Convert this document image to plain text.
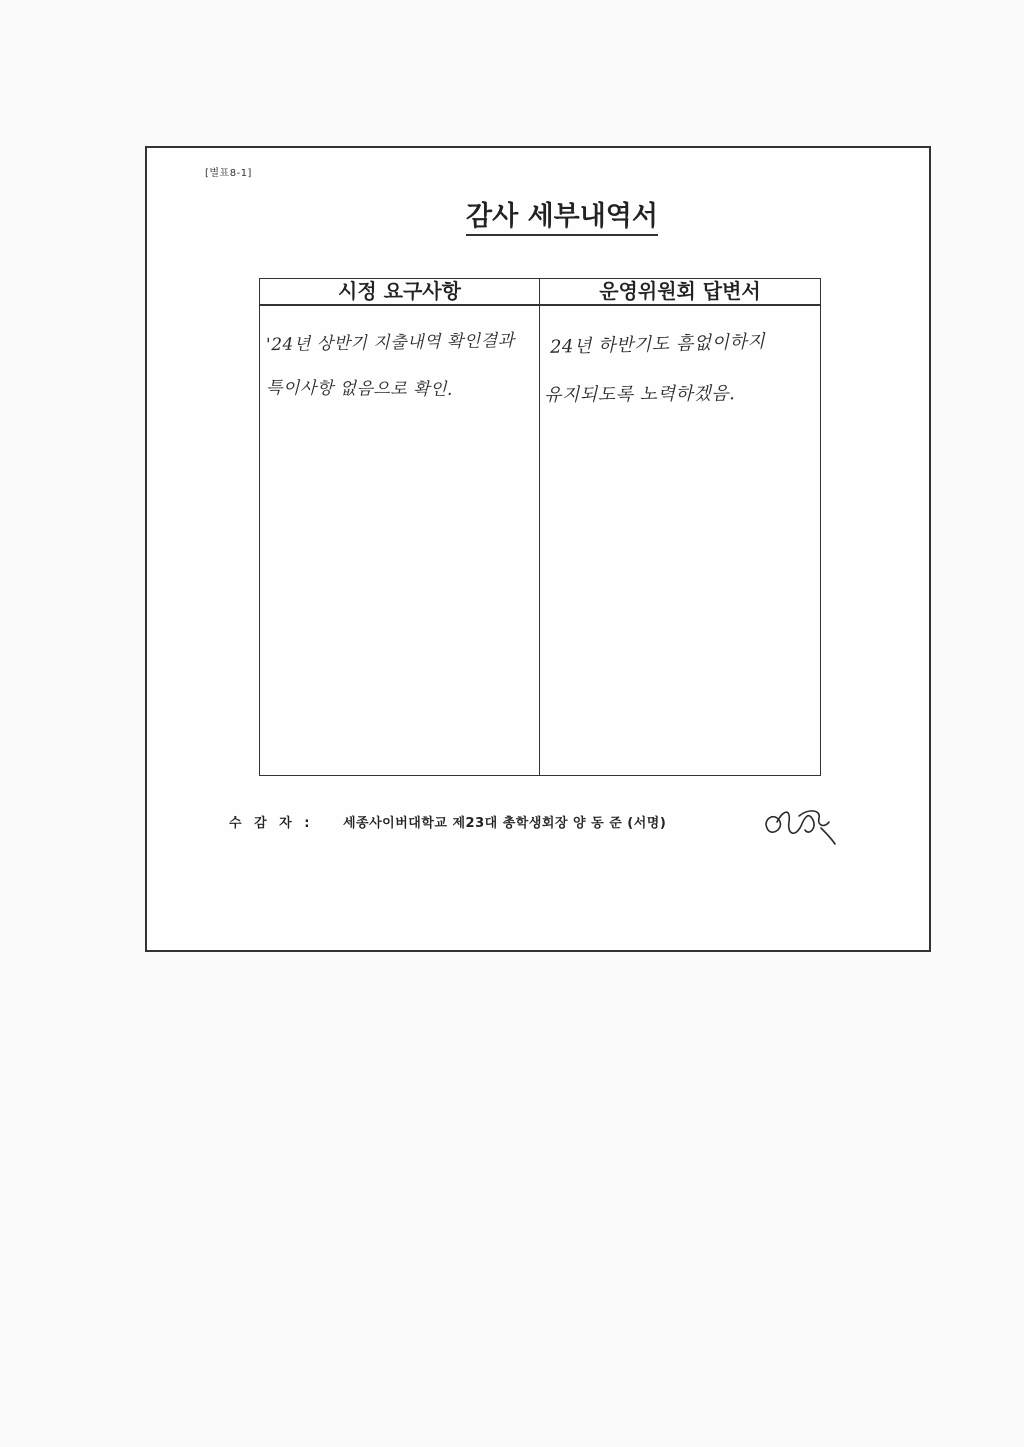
[별표8-1]
감사 세부내역서
시정 요구사항	운영위원회 답변서
'24년 상반기 지출내역 확인결과
특이사항 없음으로 확인.
24년 하반기도 흠없이하지
유지되도록 노력하겠음.
수 감 자 : 세종사이버대학교 제23대 총학생회장 양 동 준 (서명)
